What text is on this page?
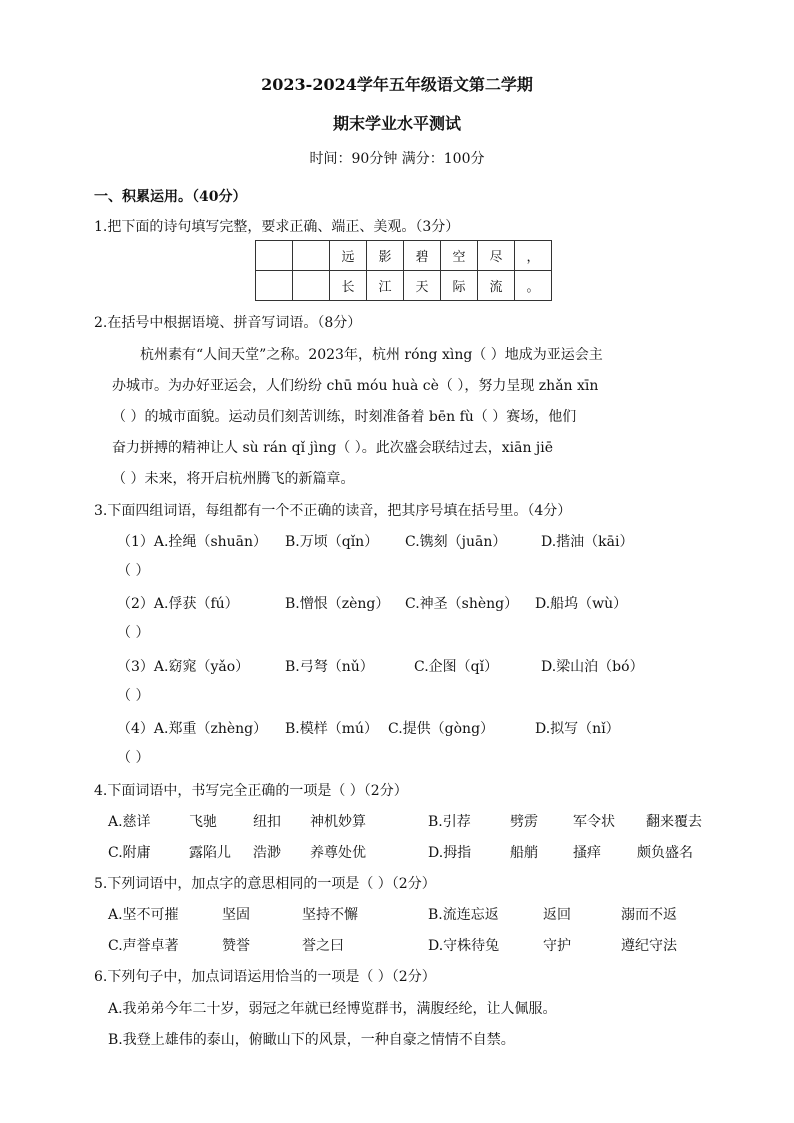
2023-2024学年五年级语文第二学期
期末学业水平测试
时间：90分钟 满分：100分
一、积累运用。（40分）
1.把下面的诗句填写完整，要求正确、端正、美观。（3分）
		远	影	碧	空	尽	，
		长	江	天	际	流	。
2.在括号中根据语境、拼音写词语。（8分）
杭州素有“人间天堂”之称。2023年，杭州 róng xìng（ ）地成为亚运会主
办城市。为办好亚运会，人们纷纷 chū móu huà cè（ ），努力呈现 zhǎn xīn
（ ）的城市面貌。运动员们刻苦训练，时刻准备着 bēn fù（ ）赛场，他们
奋力拼搏的精神让人 sù rán qǐ jìng（ ）。此次盛会联结过去，xiān jiē
（ ）未来，将开启杭州腾飞的新篇章。
3.下面四组词语，每组都有一个不正确的读音，把其序号填在括号里。（4分）
（1）A.拴绳（shuān） B.万顷（qǐn） C.镌刻（juān） D.揩油（kāi）
（ ）
（2）A.俘获（fú）	B.憎恨（zèng） C.神圣（shèng） D.船坞（wù）
（ ）
（3）A.窈窕（yǎo）	B.弓弩（nǔ）	C.企图（qǐ）	D.梁山泊（bó）
（ ）
（4）A.郑重（zhèng） B.模样（mú） C.提供（gòng）	D.拟写（nǐ）
（ ）
4.下面词语中，书写完全正确的一项是（ ）（2分）
A.慈详	飞驰	纽扣 神机妙算	B.引荐	劈雳	军令状 翻来覆去
C.附庸	露陷儿 浩渺 养尊处优	D.拇指	船艄	搔痒	颇负盛名
5.下列词语中，加点字的意思相同的一项是（ ）（2分）
A.坚不可摧	坚固	坚持不懈	B.流连忘返	返回	溺而不返
C.声誉卓著	赞誉	誉之曰	D.守株待兔	守护	遵纪守法
6.下列句子中，加点词语运用恰当的一项是（ ）（2分）
A.我弟弟今年二十岁，弱冠之年就已经博览群书，满腹经纶，让人佩服。
B.我登上雄伟的泰山，俯瞰山下的风景，一种自豪之情情不自禁。
